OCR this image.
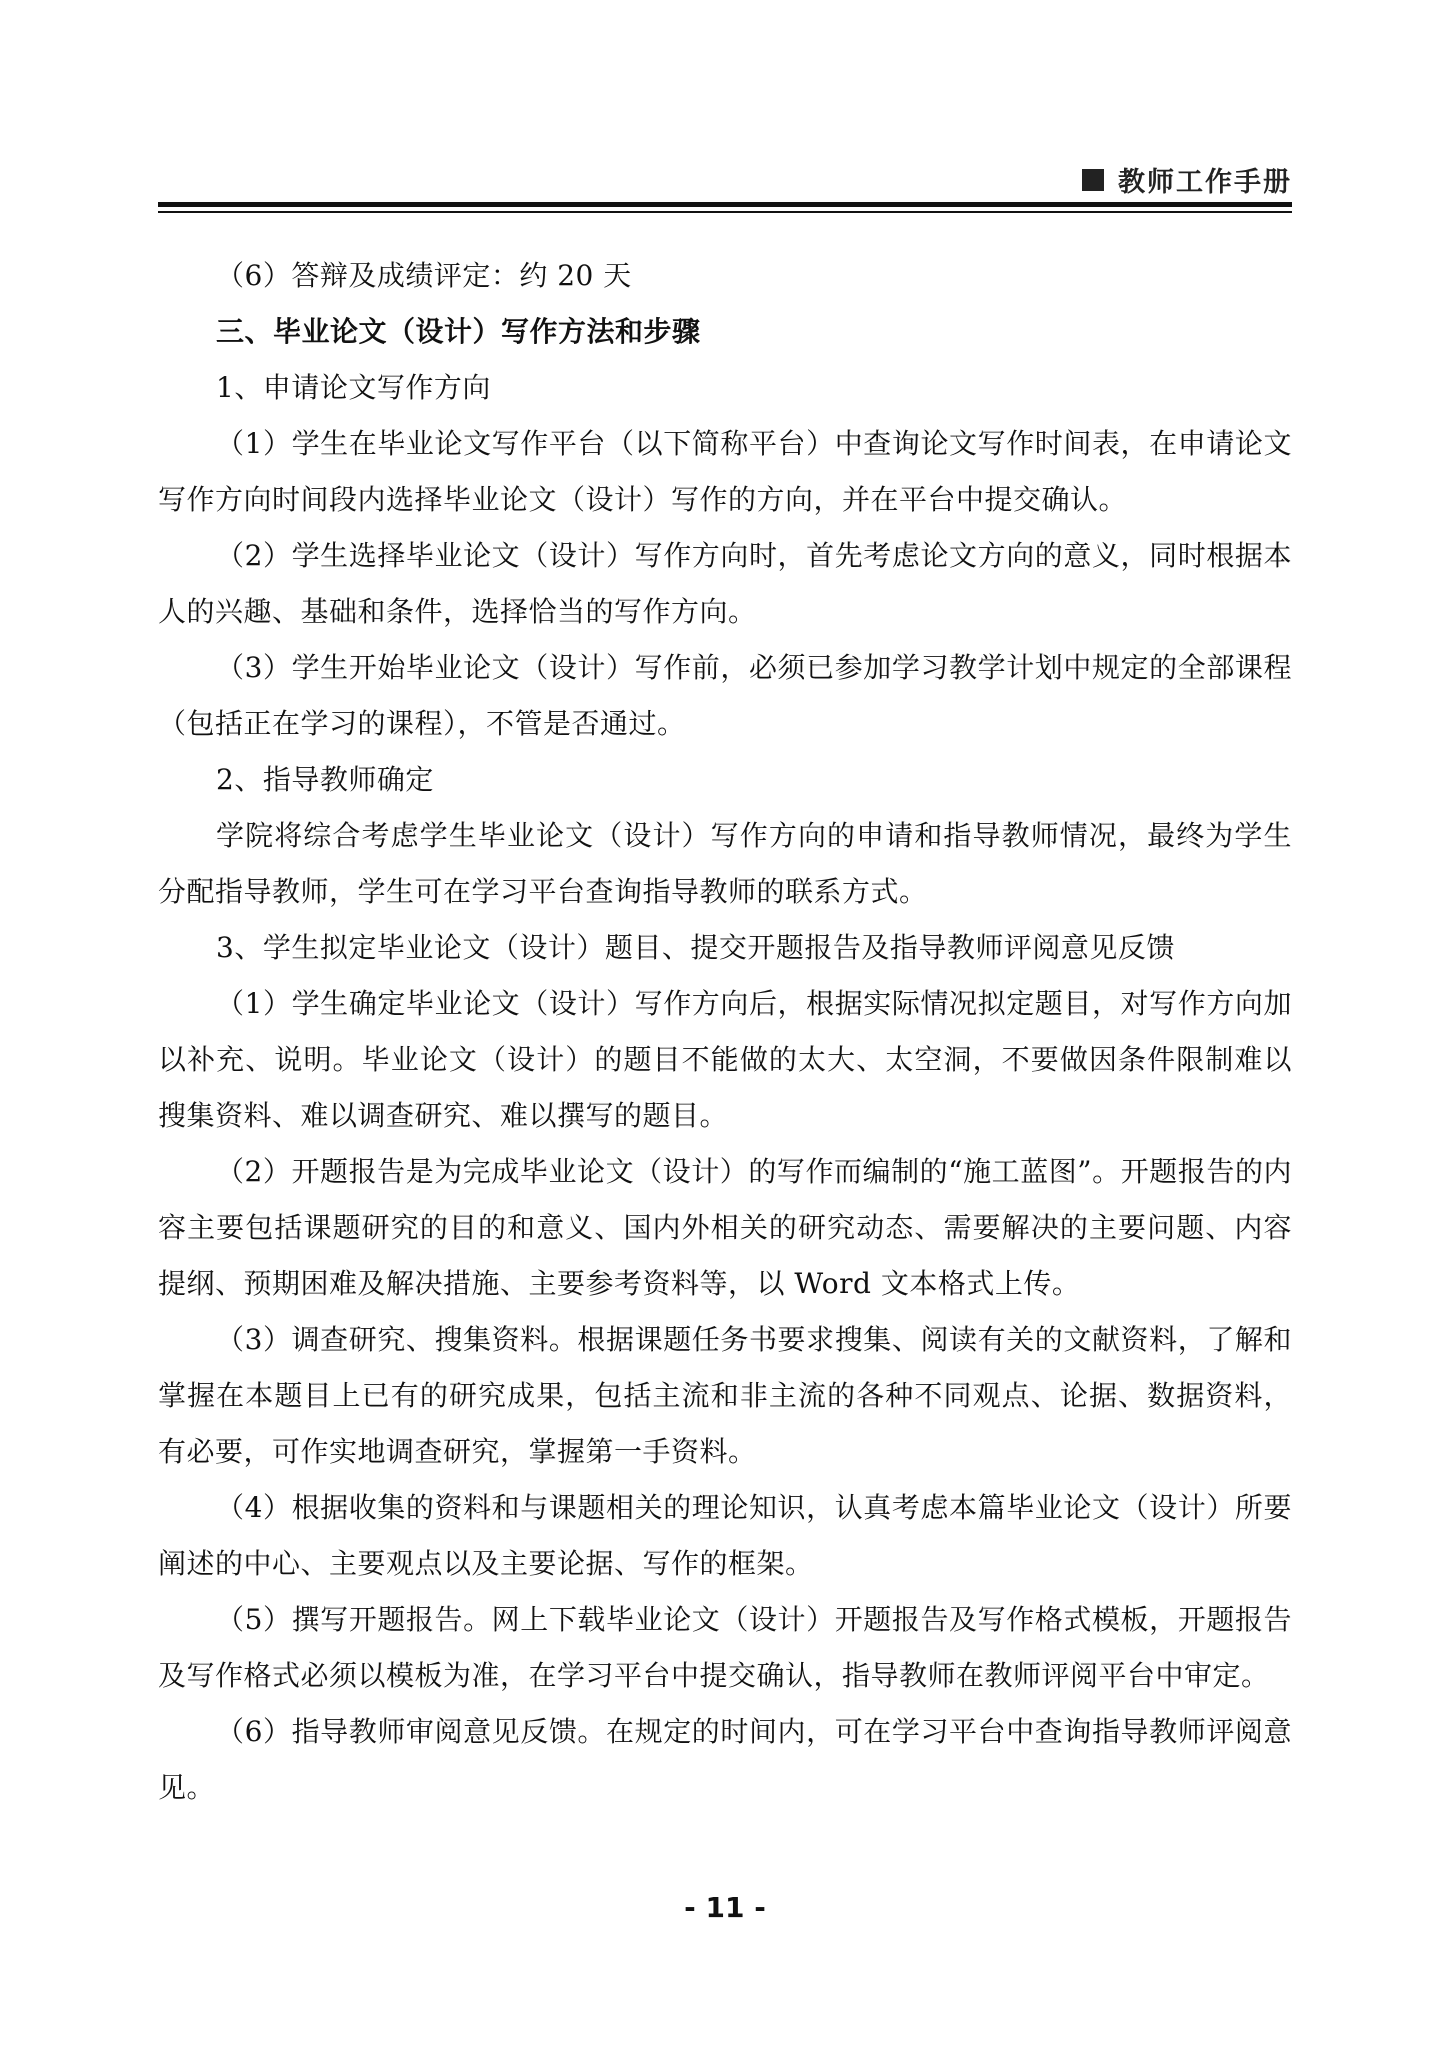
教师工作手册

（6）答辩及成绩评定：约 20 天

三、毕业论文（设计）写作方法和步骤

1、申请论文写作方向

（1）学生在毕业论文写作平台（以下简称平台）中查询论文写作时间表，在申请论文写作方向时间段内选择毕业论文（设计）写作的方向，并在平台中提交确认。

（2）学生选择毕业论文（设计）写作方向时，首先考虑论文方向的意义，同时根据本人的兴趣、基础和条件，选择恰当的写作方向。

（3）学生开始毕业论文（设计）写作前，必须已参加学习教学计划中规定的全部课程（包括正在学习的课程），不管是否通过。

2、指导教师确定

学院将综合考虑学生毕业论文（设计）写作方向的申请和指导教师情况，最终为学生分配指导教师，学生可在学习平台查询指导教师的联系方式。

3、学生拟定毕业论文（设计）题目、提交开题报告及指导教师评阅意见反馈

（1）学生确定毕业论文（设计）写作方向后，根据实际情况拟定题目，对写作方向加以补充、说明。毕业论文（设计）的题目不能做的太大、太空洞，不要做因条件限制难以搜集资料、难以调查研究、难以撰写的题目。

（2）开题报告是为完成毕业论文（设计）的写作而编制的“施工蓝图”。开题报告的内容主要包括课题研究的目的和意义、国内外相关的研究动态、需要解决的主要问题、内容提纲、预期困难及解决措施、主要参考资料等，以 Word 文本格式上传。

（3）调查研究、搜集资料。根据课题任务书要求搜集、阅读有关的文献资料，了解和掌握在本题目上已有的研究成果，包括主流和非主流的各种不同观点、论据、数据资料，有必要，可作实地调查研究，掌握第一手资料。

（4）根据收集的资料和与课题相关的理论知识，认真考虑本篇毕业论文（设计）所要阐述的中心、主要观点以及主要论据、写作的框架。

（5）撰写开题报告。网上下载毕业论文（设计）开题报告及写作格式模板，开题报告及写作格式必须以模板为准，在学习平台中提交确认，指导教师在教师评阅平台中审定。

（6）指导教师审阅意见反馈。在规定的时间内，可在学习平台中查询指导教师评阅意见。

- 11 -
